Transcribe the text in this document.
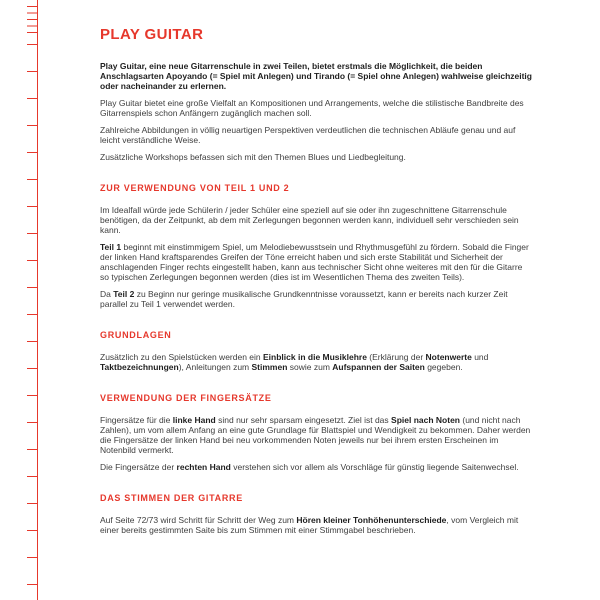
PLAY GUITAR

Play Guitar, eine neue Gitarrenschule in zwei Teilen, bietet erstmals die Möglichkeit, die beiden Anschlagsarten Apoyando (= Spiel mit Anlegen) und Tirando (= Spiel ohne Anlegen) wahlweise gleichzeitig oder nacheinander zu erlernen.

Play Guitar bietet eine große Vielfalt an Kompositionen und Arrangements, welche die stilistische Bandbreite des Gitarrenspiels schon Anfängern zugänglich machen soll.

Zahlreiche Abbildungen in völlig neuartigen Perspektiven verdeutlichen die technischen Abläufe genau und auf leicht verständliche Weise.

Zusätzliche Workshops befassen sich mit den Themen Blues und Liedbegleitung.

ZUR VERWENDUNG VON TEIL 1 UND 2

Im Idealfall würde jede Schülerin / jeder Schüler eine speziell auf sie oder ihn zugeschnittene Gitarrenschule benötigen, da der Zeitpunkt, ab dem mit Zerlegungen begonnen werden kann, individuell sehr verschieden sein kann.

Teil 1 beginnt mit einstimmigem Spiel, um Melodiebewusstsein und Rhythmusgefühl zu fördern. Sobald die Finger der linken Hand kraftsparendes Greifen der Töne erreicht haben und sich erste Stabilität und Sicherheit der anschlagenden Finger rechts eingestellt haben, kann aus technischer Sicht ohne weiteres mit den für die Gitarre so typischen Zerlegungen begonnen werden (dies ist im Wesentlichen Thema des zweiten Teils).

Da Teil 2 zu Beginn nur geringe musikalische Grundkenntnisse voraussetzt, kann er bereits nach kurzer Zeit parallel zu Teil 1 verwendet werden.

GRUNDLAGEN

Zusätzlich zu den Spielstücken werden ein Einblick in die Musiklehre (Erklärung der Notenwerte und Taktbezeichnungen), Anleitungen zum Stimmen sowie zum Aufspannen der Saiten gegeben.

VERWENDUNG DER FINGERSÄTZE

Fingersätze für die linke Hand sind nur sehr sparsam eingesetzt. Ziel ist das Spiel nach Noten (und nicht nach Zahlen), um vom allem Anfang an eine gute Grundlage für Blattspiel und Wendigkeit zu bekommen. Daher werden die Fingersätze der linken Hand bei neu vorkommenden Noten jeweils nur bei ihrem ersten Erscheinen im Notenbild vermerkt.

Die Fingersätze der rechten Hand verstehen sich vor allem als Vorschläge für günstig liegende Saitenwechsel.

DAS STIMMEN DER GITARRE

Auf Seite 72/73 wird Schritt für Schritt der Weg zum Hören kleiner Tonhöhenunterschiede, vom Vergleich mit einer bereits gestimmten Saite bis zum Stimmen mit einer Stimmgabel beschrieben.
